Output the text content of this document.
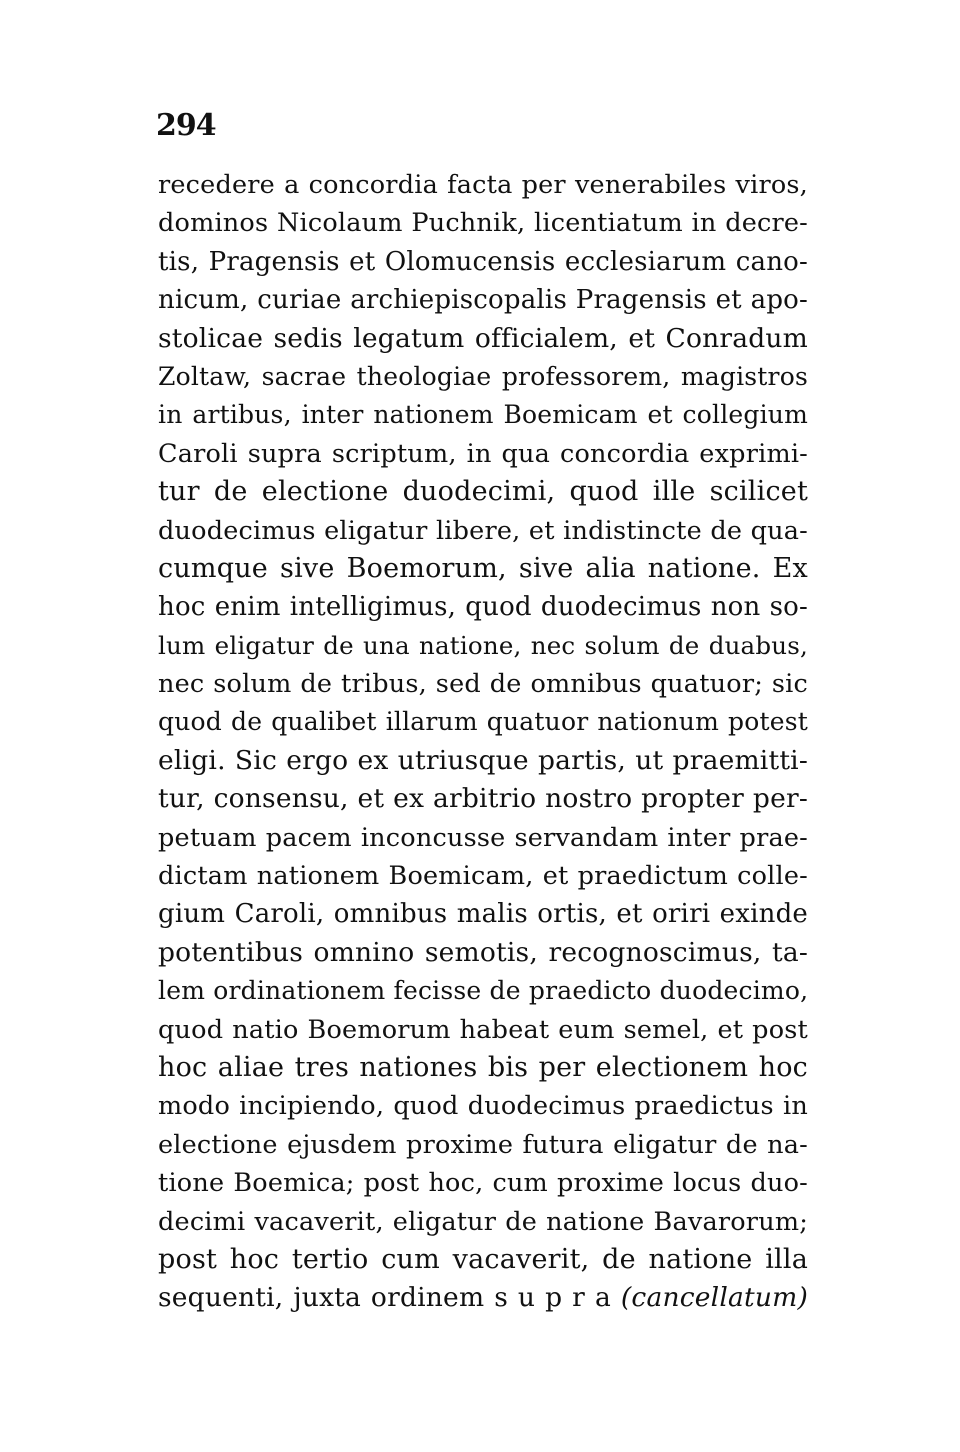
294
recedere a concordia facta per venerabiles viros,
dominos Nicolaum Puchnik, licentiatum in decre-
tis, Pragensis et Olomucensis ecclesiarum cano-
nicum, curiae archiepiscopalis Pragensis et apo-
stolicae sedis legatum officialem, et Conradum
Zoltaw, sacrae theologiae professorem, magistros
in artibus, inter nationem Boemicam et collegium
Caroli supra scriptum, in qua concordia exprimi-
tur de electione duodecimi, quod ille scilicet
duodecimus eligatur libere, et indistincte de qua-
cumque sive Boemorum, sive alia natione. Ex
hoc enim intelligimus, quod duodecimus non so-
lum eligatur de una natione, nec solum de duabus,
nec solum de tribus, sed de omnibus quatuor; sic
quod de qualibet illarum quatuor nationum potest
eligi. Sic ergo ex utriusque partis, ut praemitti-
tur, consensu, et ex arbitrio nostro propter per-
petuam pacem inconcusse servandam inter prae-
dictam nationem Boemicam, et praedictum colle-
gium Caroli, omnibus malis ortis, et oriri exinde
potentibus omnino semotis, recognoscimus, ta-
lem ordinationem fecisse de praedicto duodecimo,
quod natio Boemorum habeat eum semel, et post
hoc aliae tres nationes bis per electionem hoc
modo incipiendo, quod duodecimus praedictus in
electione ejusdem proxime futura eligatur de na-
tione Boemica; post hoc, cum proxime locus duo-
decimi vacaverit, eligatur de natione Bavarorum;
post hoc tertio cum vacaverit, de natione illa
sequenti, juxta ordinem s u p r a (cancellatum)
